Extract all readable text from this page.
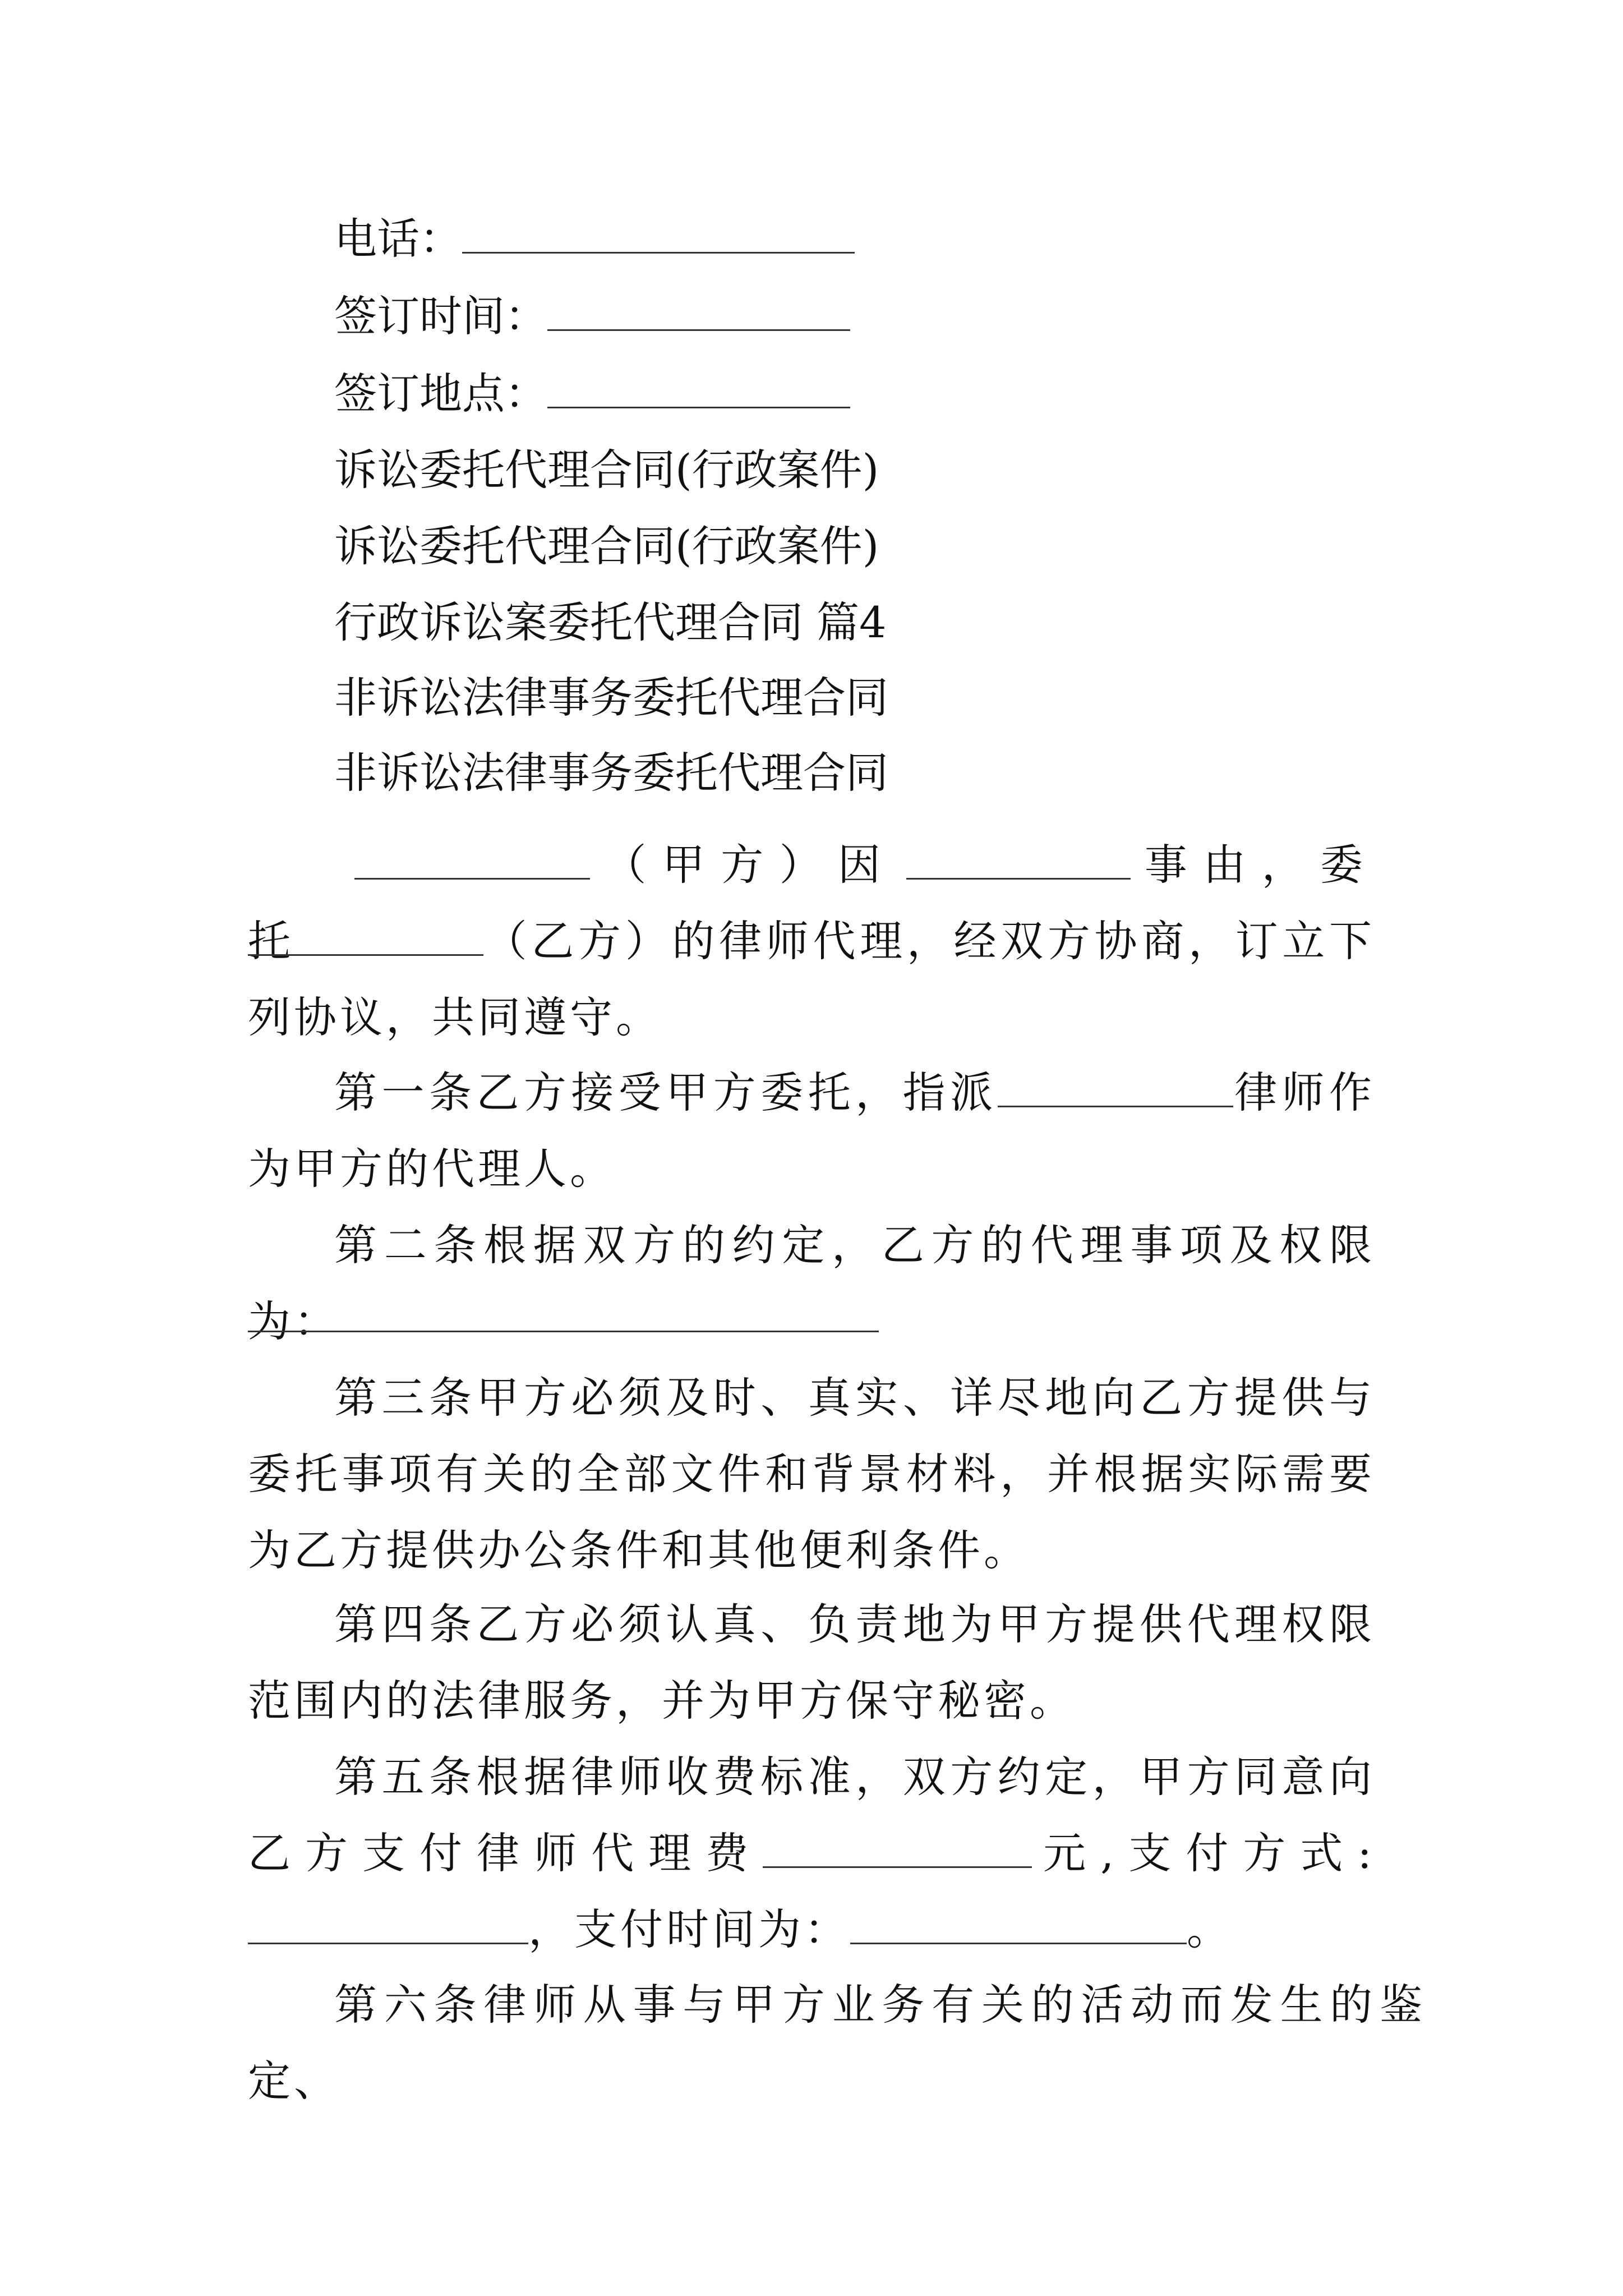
电话：
签订时间：
签订地点：
诉讼委托代理合同(行政案件)
诉讼委托代理合同(行政案件)
行政诉讼案委托代理合同 篇4
非诉讼法律事务委托代理合同
非诉讼法律事务委托代理合同
（甲方）因	事由，委托	（乙方）的律师代理，经双方协商，订立下列协议，共同遵守。
第一条乙方接受甲方委托，指派	律师作为甲方的代理人。
第二条根据双方的约定，乙方的代理事项及权限为：
第三条甲方必须及时、真实、详尽地向乙方提供与委托事项有关的全部文件和背景材料，并根据实际需要为乙方提供办公条件和其他便利条件。
第四条乙方必须认真、负责地为甲方提供代理权限范围内的法律服务，并为甲方保守秘密。
第五条根据律师收费标准，双方约定，甲方同意向乙方支付律师代理费	元,支付方式:，支付时间为：	。
第六条律师从事与甲方业务有关的活动而发生的鉴定、
